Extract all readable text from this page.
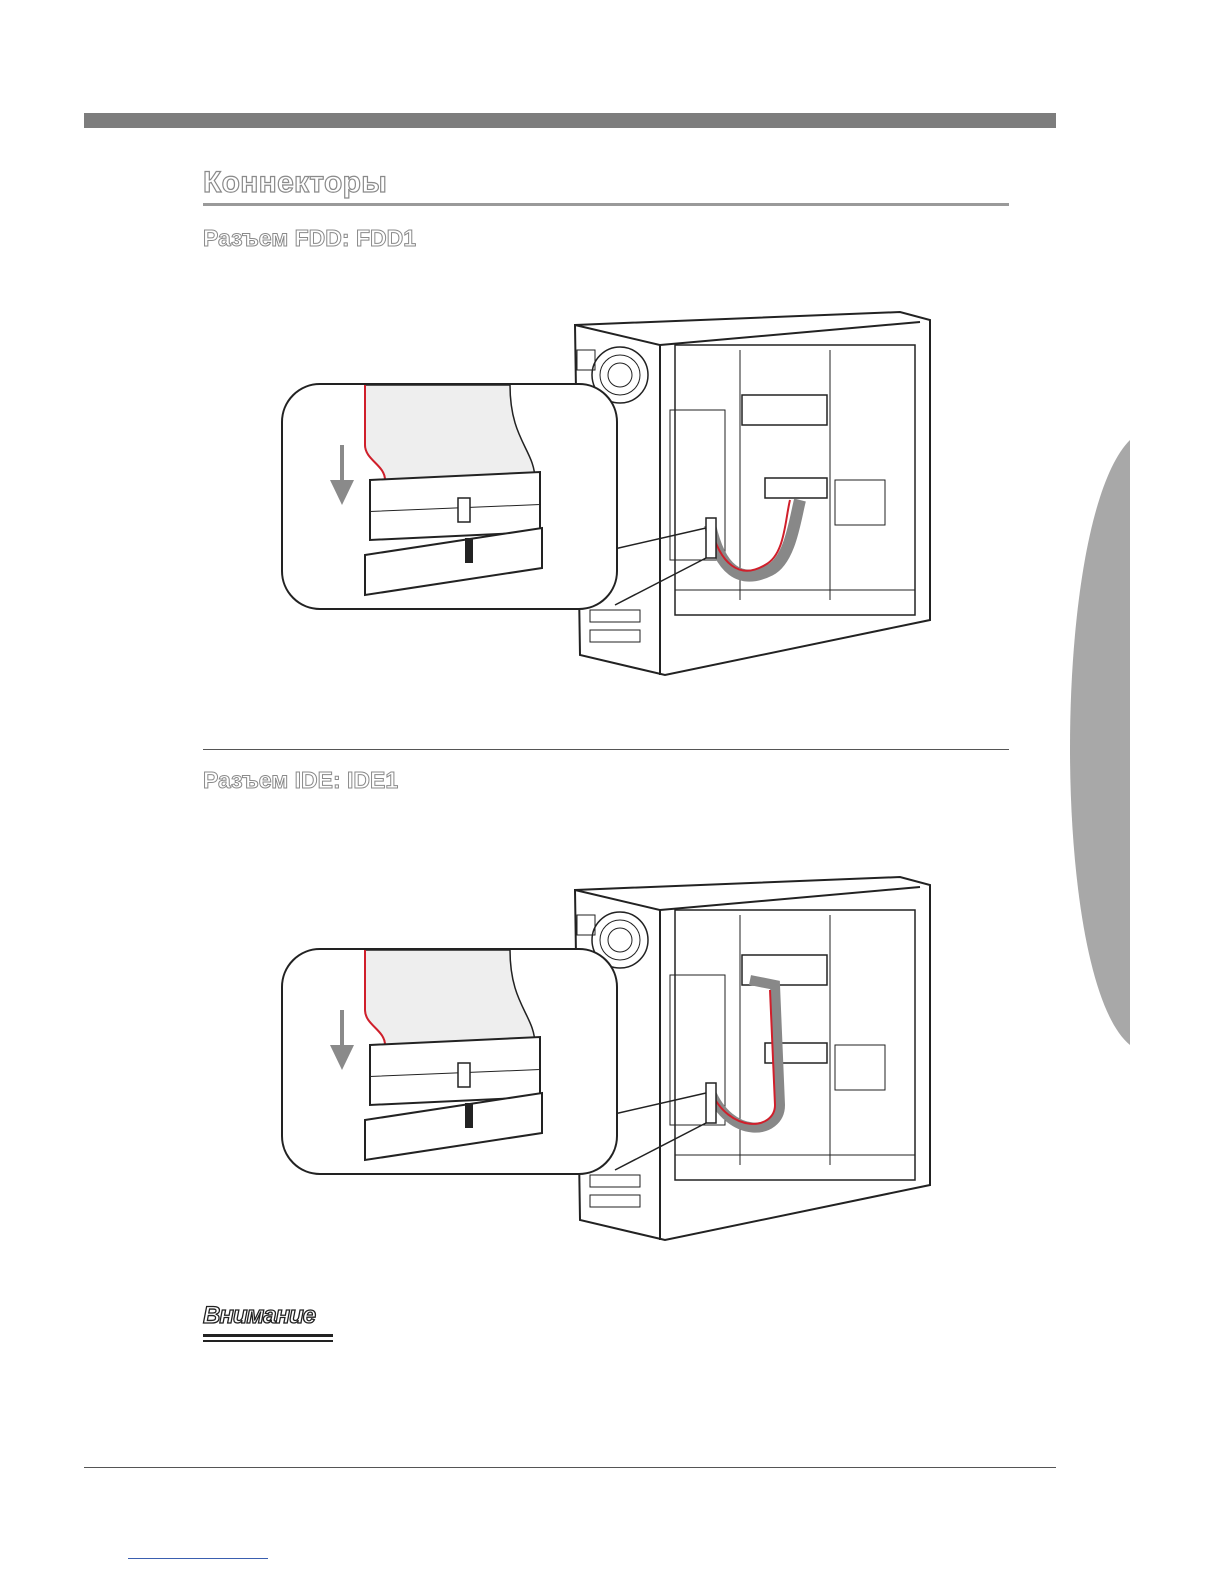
Коннекторы
Разъем FDD: FDD1
Разъем IDE: IDE1

Внимание
